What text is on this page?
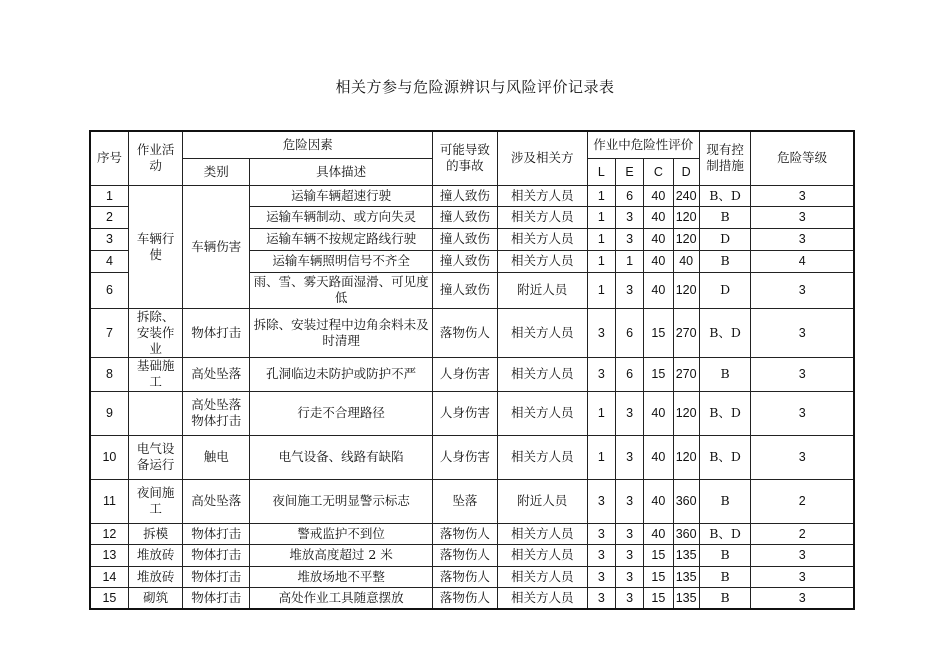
相关方参与危险源辨识与风险评价记录表
序号	作业活动	危险因素		可能导致的事故	涉及相关方	作业中危险性评价				现有控制措施	危险等级
		类别	具体描述			L	E	C	D		
1	车辆行使	车辆伤害	运输车辆超速行驶	撞人致伤	相关方人员	1	6	40	240	B、D	3
2			运输车辆制动、或方向失灵	撞人致伤	相关方人员	1	3	40	120	B	3
3			运输车辆不按规定路线行驶	撞人致伤	相关方人员	1	3	40	120	D	3
4			运输车辆照明信号不齐全	撞人致伤	相关方人员	1	1	40	40	B	4
6			雨、雪、雾天路面湿滑、可见度低	撞人致伤	附近人员	1	3	40	120	D	3
7	拆除、安装作业	物体打击	拆除、安装过程中边角余料未及时清理	落物伤人	相关方人员	3	6	15	270	B、D	3
8	基础施工	高处坠落	孔洞临边未防护或防护不严	人身伤害	相关方人员	3	6	15	270	B	3
9		高处坠落物体打击	行走不合理路径	人身伤害	相关方人员	1	3	40	120	B、D	3
10	电气设备运行	触电	电气设备、线路有缺陷	人身伤害	相关方人员	1	3	40	120	B、D	3
11	夜间施工	高处坠落	夜间施工无明显警示标志	坠落	附近人员	3	3	40	360	B	2
12	拆模	物体打击	警戒监护不到位	落物伤人	相关方人员	3	3	40	360	B、D	2
13	堆放砖	物体打击	堆放高度超过 2 米	落物伤人	相关方人员	3	3	15	135	B	3
14	堆放砖	物体打击	堆放场地不平整	落物伤人	相关方人员	3	3	15	135	B	3
15	砌筑	物体打击	高处作业工具随意摆放	落物伤人	相关方人员	3	3	15	135	B	3
